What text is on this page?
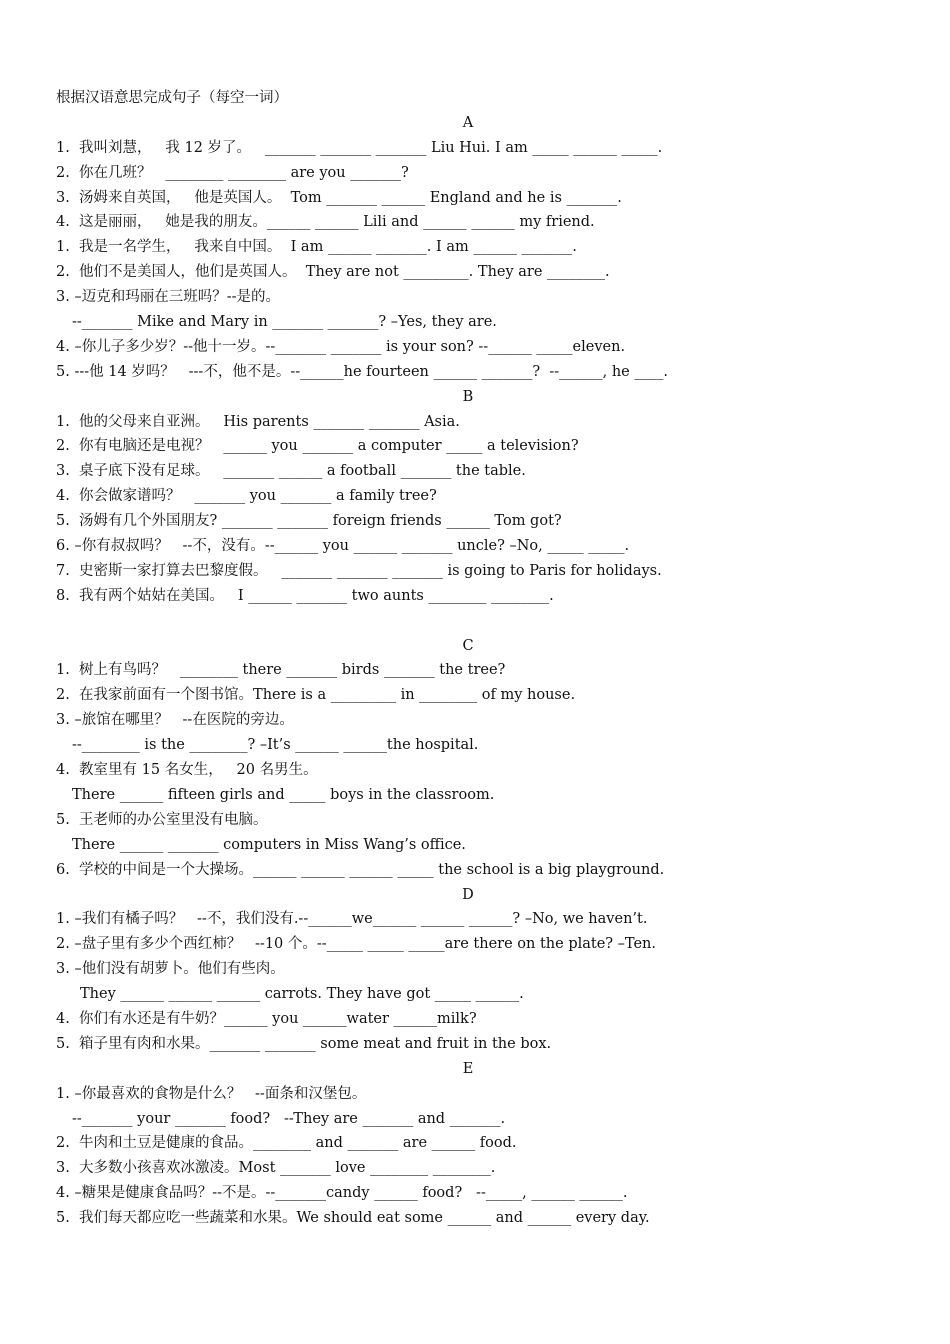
根据汉语意思完成句子（每空一词）
A
1.  我叫刘慧，   我 12 岁了。   _______ _______ _______ Liu Hui. I am _____ ______ _____.
2.  你在几班？   ________ ________ are you _______?
3.  汤姆来自英国，   他是英国人。  Tom _______ ______ England and he is _______.
4.  这是丽丽，   她是我的朋友。______ ______ Lili and ______ ______ my friend.
1.  我是一名学生，   我来自中国。  I am ______ _______. I am ______ _______.
2.  他们不是美国人，他们是英国人。  They are not _________. They are ________.
3. –迈克和玛丽在三班吗？--是的。
--_______ Mike and Mary in _______ _______? –Yes, they are.
4. –你儿子多少岁？--他十一岁。--_______ _______ is your son? --______ _____eleven.
5. ---他 14 岁吗？   ---不，他不是。--______he fourteen ______ _______?  --______, he ____.
B
1.  他的父母来自亚洲。   His parents _______ _______ Asia.
2.  你有电脑还是电视？   ______ you _______ a computer _____ a television?
3.  桌子底下没有足球。   _______ ______ a football _______ the table.
4.  你会做家谱吗？   _______ you _______ a family tree?
5.  汤姆有几个外国朋友? _______ _______ foreign friends ______ Tom got?
6. –你有叔叔吗？   --不，没有。--______ you ______ _______ uncle? –No, _____ _____.
7.  史密斯一家打算去巴黎度假。   _______ _______ _______ is going to Paris for holidays.
8.  我有两个姑姑在美国。   I ______ _______ two aunts ________ ________.
C
1.  树上有鸟吗？   ________ there _______ birds _______ the tree?
2.  在我家前面有一个图书馆。There is a _________ in ________ of my house.
3. –旅馆在哪里？   --在医院的旁边。
--________ is the ________? –It’s ______ ______the hospital.
4.  教室里有 15 名女生，   20 名男生。
There ______ fifteen girls and _____ boys in the classroom.
5.  王老师的办公室里没有电脑。
There ______ _______ computers in Miss Wang’s office.
6.  学校的中间是一个大操场。______ ______ ______ _____ the school is a big playground.
D
1. –我们有橘子吗？   --不，我们没有.--______we______ ______ ______? –No, we haven’t.
2. –盘子里有多少个西红柿？   --10 个。--_____ _____ _____are there on the plate? –Ten.
3. –他们没有胡萝卜。他们有些肉。
They ______ ______ ______ carrots. They have got _____ ______.
4.  你们有水还是有牛奶？______ you ______water ______milk?
5.  箱子里有肉和水果。_______ _______ some meat and fruit in the box.
E
1. –你最喜欢的食物是什么？   --面条和汉堡包。
--_______ your _______ food?   --They are _______ and _______.
2.  牛肉和土豆是健康的食品。________ and _______ are ______ food.
3.  大多数小孩喜欢冰激凌。Most _______ love ________ ________.
4. –糖果是健康食品吗？--不是。--_______candy ______ food?   --_____, ______ ______.
5.  我们每天都应吃一些蔬菜和水果。We should eat some ______ and ______ every day.
